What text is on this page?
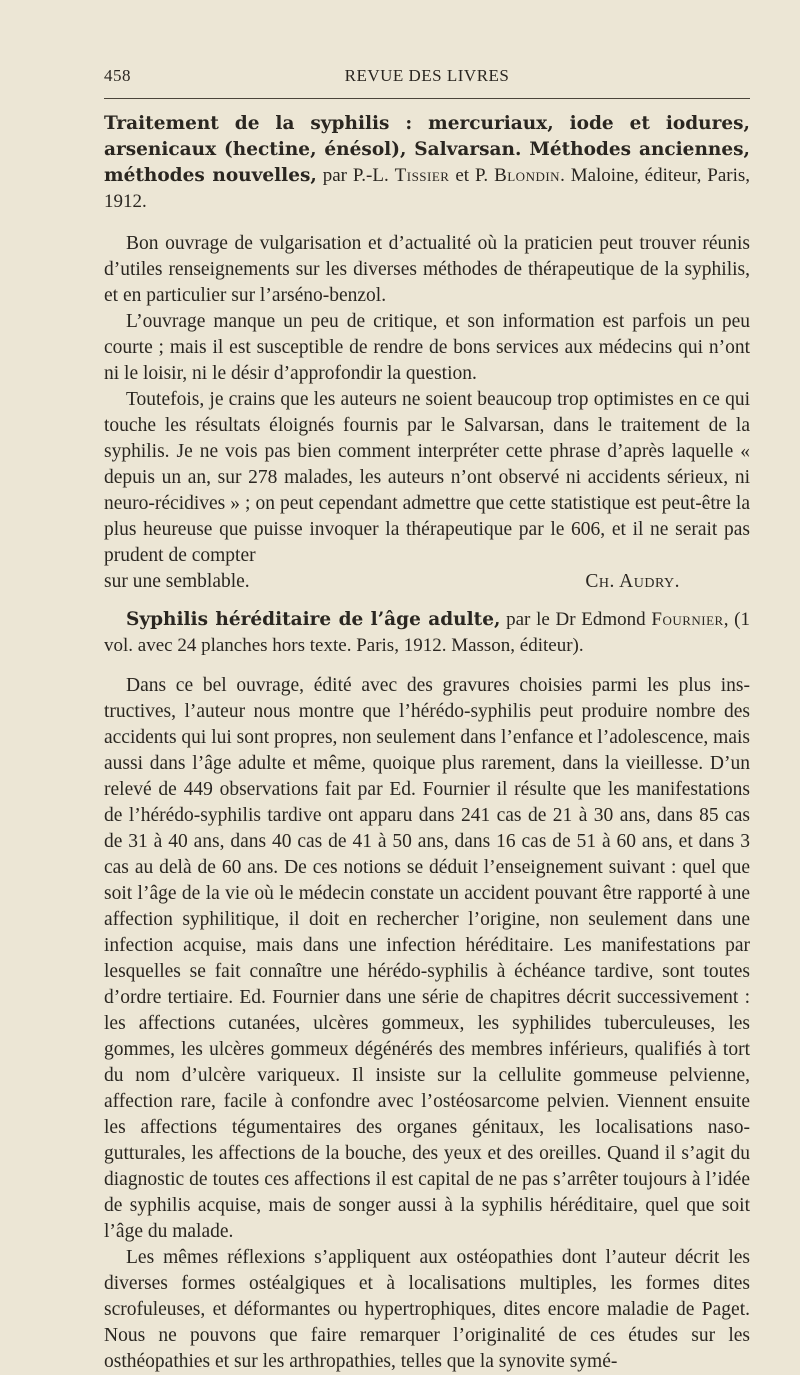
458	REVUE DES LIVRES

Traitement de la syphilis : mercuriaux, iode et iodures, arsenicaux (hectine, énésol), Salvarsan. Méthodes anciennes, méthodes nouvelles, par P.-L. Tissier et P. Blondin. Maloine, éditeur, Paris, 1912.

Bon ouvrage de vulgarisation et d’actualité où la praticien peut trouver réunis d’utiles renseignements sur les diverses méthodes de thérapeutique de la syphilis, et en particulier sur l’arséno-benzol.

L’ouvrage manque un peu de critique, et son information est parfois un peu courte ; mais il est susceptible de rendre de bons services aux médecins qui n’ont ni le loisir, ni le désir d’approfondir la question.

Toutefois, je crains que les auteurs ne soient beaucoup trop optimistes en ce qui touche les résultats éloignés fournis par le Salvarsan, dans le traitement de la syphilis. Je ne vois pas bien comment interpréter cette phrase d’après laquelle « depuis un an, sur 278 malades, les auteurs n’ont observé ni accidents sérieux, ni neuro-récidives » ; on peut cependant admettre que cette statistique est peut-être la plus heureuse que puisse invoquer la thérapeutique par le 606, et il ne serait pas prudent de compter

sur une semblable.	Ch. Audry.

Syphilis héréditaire de l’âge adulte, par le Dr Edmond Fournier, (1 vol. avec 24 planches hors texte. Paris, 1912. Masson, éditeur).

Dans ce bel ouvrage, édité avec des gravures choisies parmi les plus instructives, l’auteur nous montre que l’hérédo-syphilis peut produire nombre des accidents qui lui sont propres, non seulement dans l’enfance et l’adolescence, mais aussi dans l’âge adulte et même, quoique plus rarement, dans la vieillesse. D’un relevé de 449 observations fait par Ed. Fournier il résulte que les manifestations de l’hérédo-syphilis tardive ont apparu dans 241 cas de 21 à 30 ans, dans 85 cas de 31 à 40 ans, dans 40 cas de 41 à 50 ans, dans 16 cas de 51 à 60 ans, et dans 3 cas au delà de 60 ans. De ces notions se déduit l’enseignement suivant : quel que soit l’âge de la vie où le médecin constate un accident pouvant être rapporté à une affection syphilitique, il doit en rechercher l’origine, non seulement dans une infection acquise, mais dans une infection héréditaire. Les manifestations par lesquelles se fait connaître une hérédo-syphilis à échéance tardive, sont toutes d’ordre tertiaire. Ed. Fournier dans une série de chapitres décrit successivement : les affections cutanées, ulcères gommeux, les syphilides tuberculeuses, les gommes, les ulcères gommeux dégénérés des membres inférieurs, qualifiés à tort du nom d’ulcère variqueux. Il insiste sur la cellulite gommeuse pelvienne, affection rare, facile à confondre avec l’ostéosarcome pelvien. Viennent ensuite les affections tégumentaires des organes génitaux, les localisations naso-gutturales, les affections de la bouche, des yeux et des oreilles. Quand il s’agit du diagnostic de toutes ces affections il est capital de ne pas s’arrêter toujours à l’idée de syphilis acquise, mais de songer aussi à la syphilis héréditaire, quel que soit l’âge du malade.

Les mêmes réflexions s’appliquent aux ostéopathies dont l’auteur décrit les diverses formes ostéalgiques et à localisations multiples, les formes dites scrofuleuses, et déformantes ou hypertrophiques, dites encore maladie de Paget. Nous ne pouvons que faire remarquer l’originalité de ces études sur les osthéopathies et sur les arthropathies, telles que la synovite symé-
